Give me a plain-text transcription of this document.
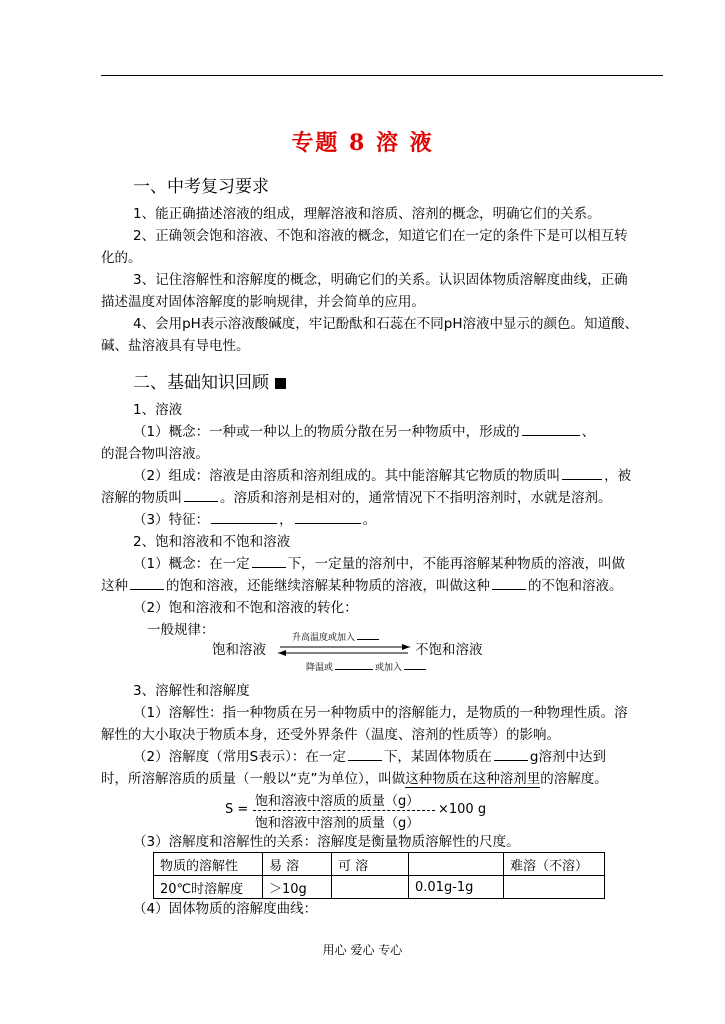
专题 8 溶 液
一、中考复习要求
1、能正确描述溶液的组成，理解溶液和溶质、溶剂的概念，明确它们的关系。
2、正确领会饱和溶液、不饱和溶液的概念，知道它们在一定的条件下是可以相互转
化的。
3、记住溶解性和溶解度的概念，明确它们的关系。认识固体物质溶解度曲线，正确
描述温度对固体溶解度的影响规律，并会简单的应用。
4、会用pH表示溶液酸碱度，牢记酚酞和石蕊在不同pH溶液中显示的颜色。知道酸、
碱、盐溶液具有导电性。
二、基础知识回顾
1、溶液
（1）概念：一种或一种以上的物质分散在另一种物质中，形成的	、
的混合物叫溶液。
（2）组成：溶液是由溶质和溶剂组成的。其中能溶解其它物质的物质叫	，被
溶解的物质叫	。溶质和溶剂是相对的，通常情况下不指明溶剂时，水就是溶剂。
（3）特征：	，	。
2、饱和溶液和不饱和溶液
（1）概念：在一定	下，一定量的溶剂中，不能再溶解某种物质的溶液，叫做
这种	的饱和溶液，还能继续溶解某种物质的溶液，叫做这种	的不饱和溶液。
（2）饱和溶液和不饱和溶液的转化：
一般规律：
饱和溶液	不饱和溶液
升高温度或加入
降温或	或加入
3、溶解性和溶解度
（1）溶解性：指一种物质在另一种物质中的溶解能力，是物质的一种物理性质。溶
解性的大小取决于物质本身，还受外界条件（温度、溶剂的性质等）的影响。
（2）溶解度（常用S表示）：在一定	下，某固体物质在	g溶剂中达到
时，所溶解溶质的质量（一般以“克”为单位），叫做这种物质在这种溶剂里的溶解度。
S =
饱和溶液中溶质的质量（g）
饱和溶液中溶剂的质量（g）
×100 g
（3）溶解度和溶解性的关系：溶解度是衡量物质溶解性的尺度。
物质的溶解性	易 溶	可 溶		难溶（不溶）
20℃时溶解度	＞10g		0.01g-1g	
（4）固体物质的溶解度曲线：
用心 爱心 专心
